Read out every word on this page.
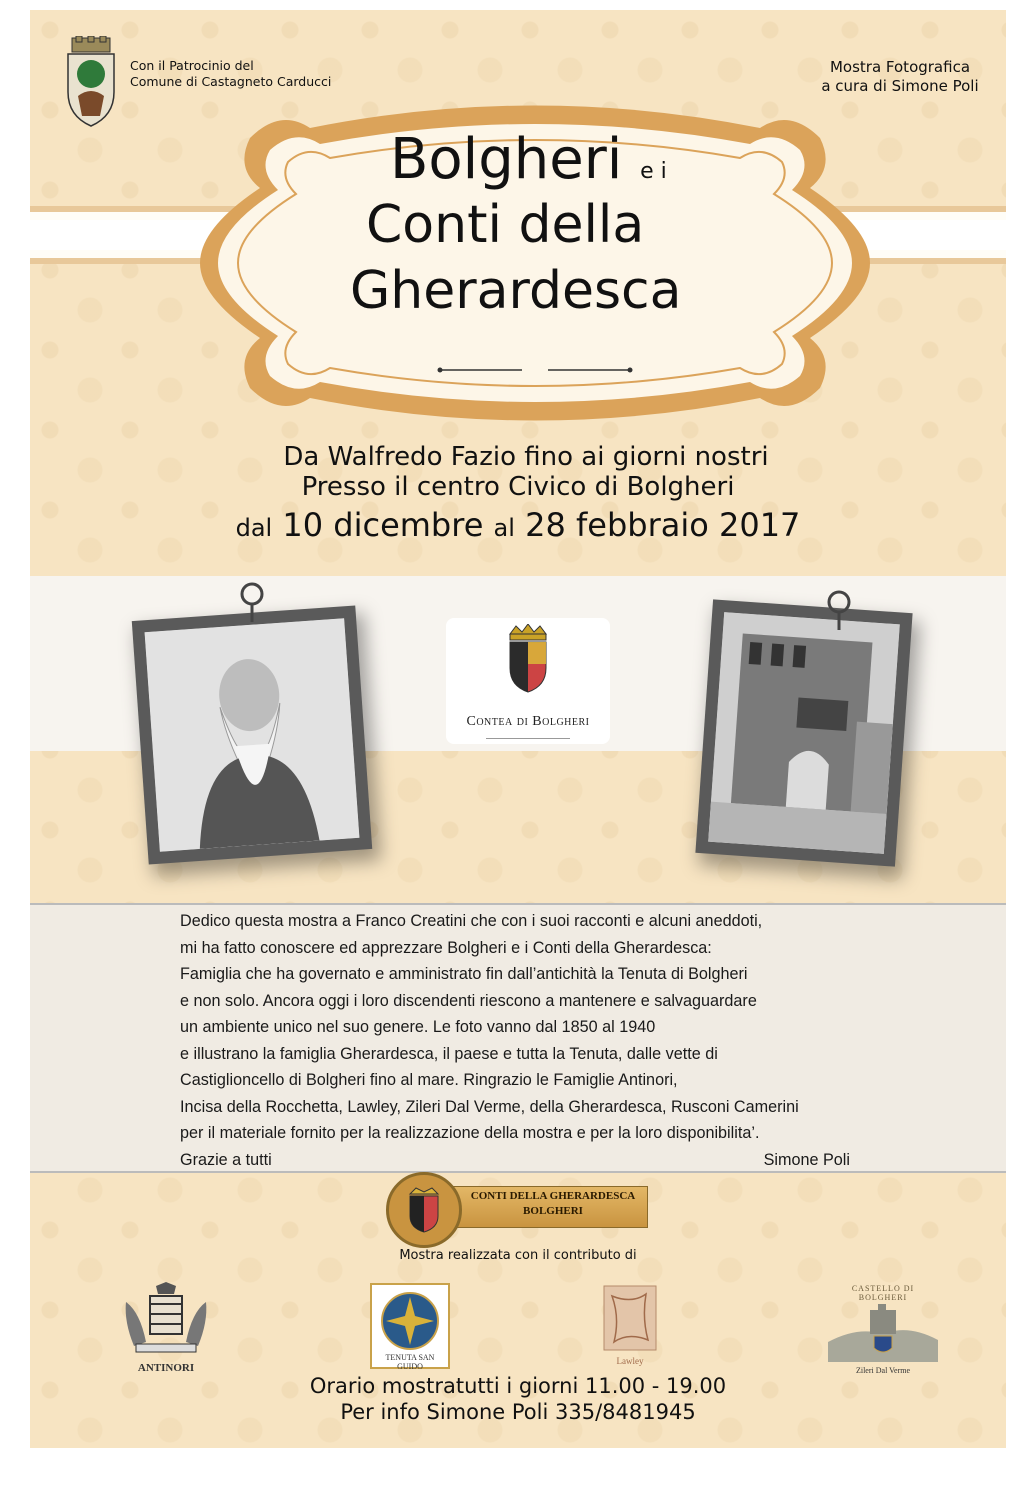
Con il Patrocinio del
Comune di Castagneto Carducci
Mostra Fotografica
a cura di Simone Poli
Bolgheri e i
Conti della
Gherardesca
Da Walfredo Fazio fino ai giorni nostri
Presso il centro Civico di Bolgheri
dal 10 dicembre al 28 febbraio 2017
Contea di Bolgheri
Dedico questa mostra a Franco Creatini che con i suoi racconti e alcuni aneddoti,
mi ha fatto conoscere ed apprezzare Bolgheri e i Conti della Gherardesca:
Famiglia che ha governato e amministrato fin dall’antichità la Tenuta di Bolgheri
e non solo. Ancora oggi i loro discendenti riescono a mantenere e salvaguardare
un ambiente unico nel suo genere. Le foto vanno dal 1850 al 1940
e illustrano la famiglia Gherardesca, il paese e tutta la Tenuta, dalle vette di
Castiglioncello di Bolgheri fino al mare. Ringrazio le Famiglie Antinori,
Incisa della Rocchetta, Lawley, Zileri Dal Verme, della Gherardesca, Rusconi Camerini
per il materiale fornito per la realizzazione della mostra e per la loro disponibilita’.
Grazie a tutti	Simone Poli
CONTI DELLA GHERARDESCA
BOLGHERI
Mostra realizzata con il contributo di
ANTINORI
TENUTA SAN GUIDO
Lawley
CASTELLO DI BOLGHERI
Zileri Dal Verme
Orario mostratutti i giorni 11.00 - 19.00
Per info Simone Poli 335/8481945
